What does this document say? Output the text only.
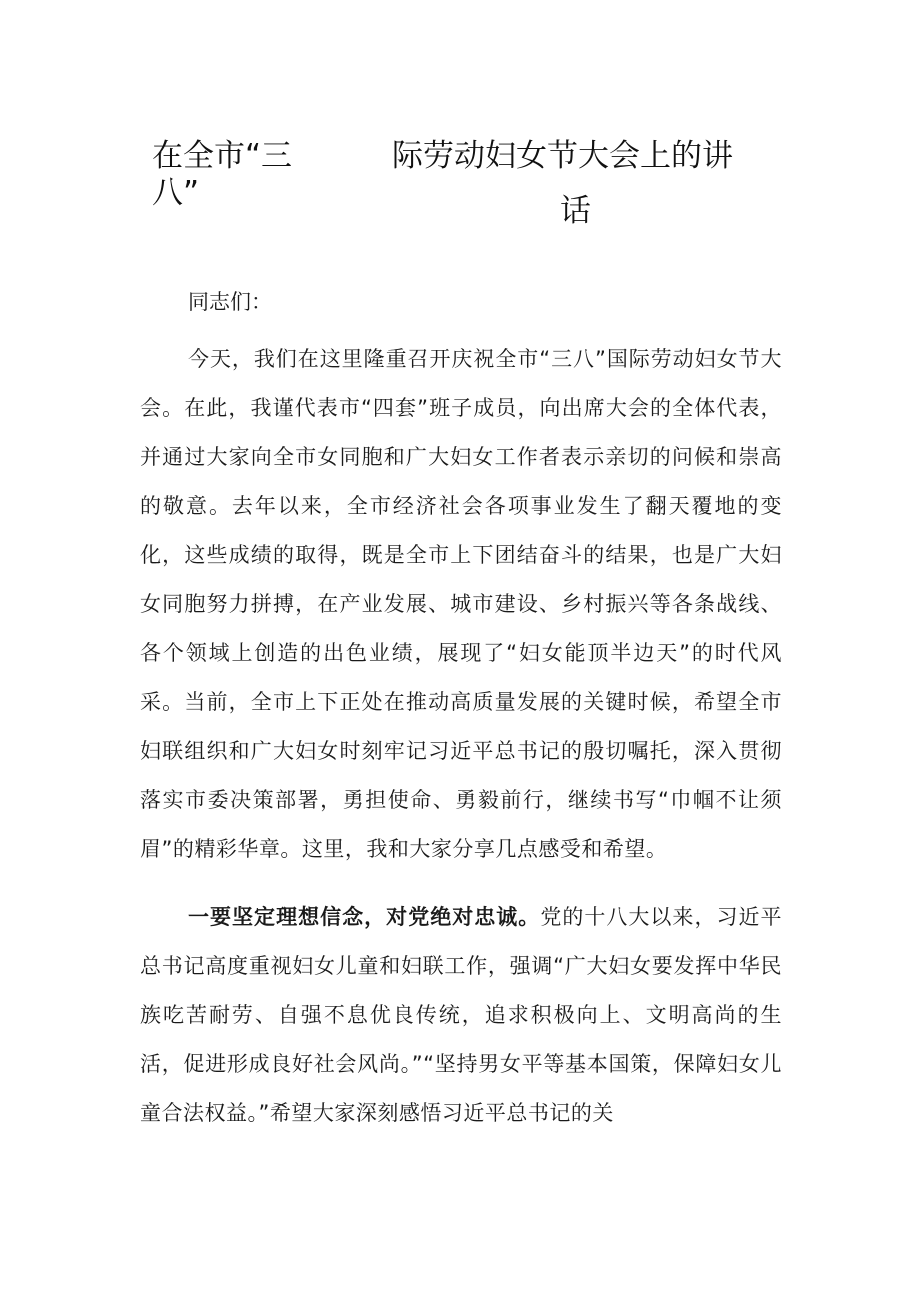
在全市“三
八”
际劳动妇女节大会上的讲
话
同志们：

今天，我们在这里隆重召开庆祝全市“三八”国际劳动妇女节大会。在此，我谨代表市“四套”班子成员，向出席大会的全体代表，并通过大家向全市女同胞和广大妇女工作者表示亲切的问候和崇高的敬意。去年以来，全市经济社会各项事业发生了翻天覆地的变化，这些成绩的取得，既是全市上下团结奋斗的结果，也是广大妇女同胞努力拼搏，在产业发展、城市建设、乡村振兴等各条战线、各个领域上创造的出色业绩，展现了“妇女能顶半边天”的时代风采。当前，全市上下正处在推动高质量发展的关键时候，希望全市妇联组织和广大妇女时刻牢记习近平总书记的殷切嘱托，深入贯彻落实市委决策部署，勇担使命、勇毅前行，继续书写“巾帼不让须眉”的精彩华章。这里，我和大家分享几点感受和希望。

一要坚定理想信念，对党绝对忠诚。党的十八大以来，习近平总书记高度重视妇女儿童和妇联工作，强调“广大妇女要发挥中华民族吃苦耐劳、自强不息优良传统，追求积极向上、文明高尚的生活，促进形成良好社会风尚。”“坚持男女平等基本国策，保障妇女儿童合法权益。”希望大家深刻感悟习近平总书记的关
